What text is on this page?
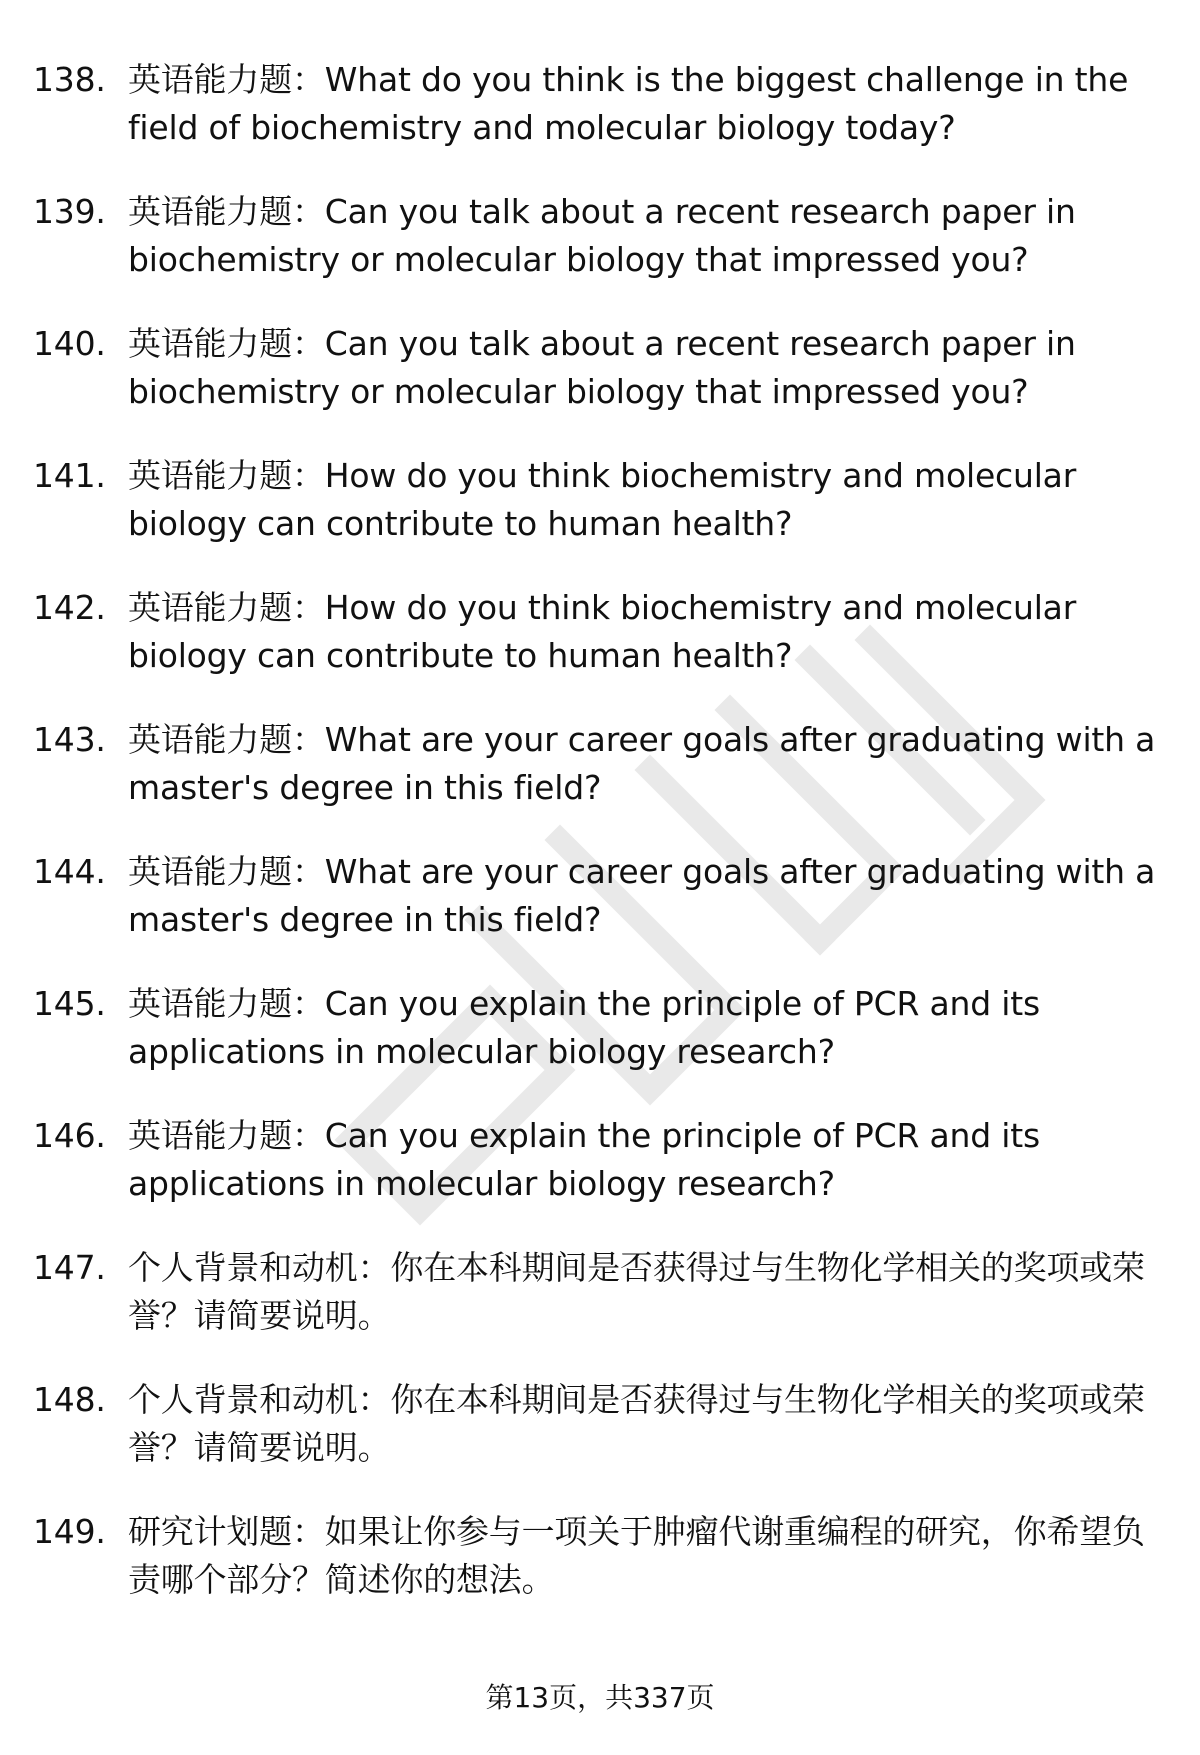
138. 英语能力题：What do you think is the biggest challenge in the field of biochemistry and molecular biology today?
139. 英语能力题：Can you talk about a recent research paper in biochemistry or molecular biology that impressed you?
140. 英语能力题：Can you talk about a recent research paper in biochemistry or molecular biology that impressed you?
141. 英语能力题：How do you think biochemistry and molecular biology can contribute to human health?
142. 英语能力题：How do you think biochemistry and molecular biology can contribute to human health?
143. 英语能力题：What are your career goals after graduating with a master's degree in this field?
144. 英语能力题：What are your career goals after graduating with a master's degree in this field?
145. 英语能力题：Can you explain the principle of PCR and its applications in molecular biology research?
146. 英语能力题：Can you explain the principle of PCR and its applications in molecular biology research?
147. 个人背景和动机：你在本科期间是否获得过与生物化学相关的奖项或荣誉？请简要说明。
148. 个人背景和动机：你在本科期间是否获得过与生物化学相关的奖项或荣誉？请简要说明。
149. 研究计划题：如果让你参与一项关于肿瘤代谢重编程的研究，你希望负责哪个部分？简述你的想法。
第13页，共337页
